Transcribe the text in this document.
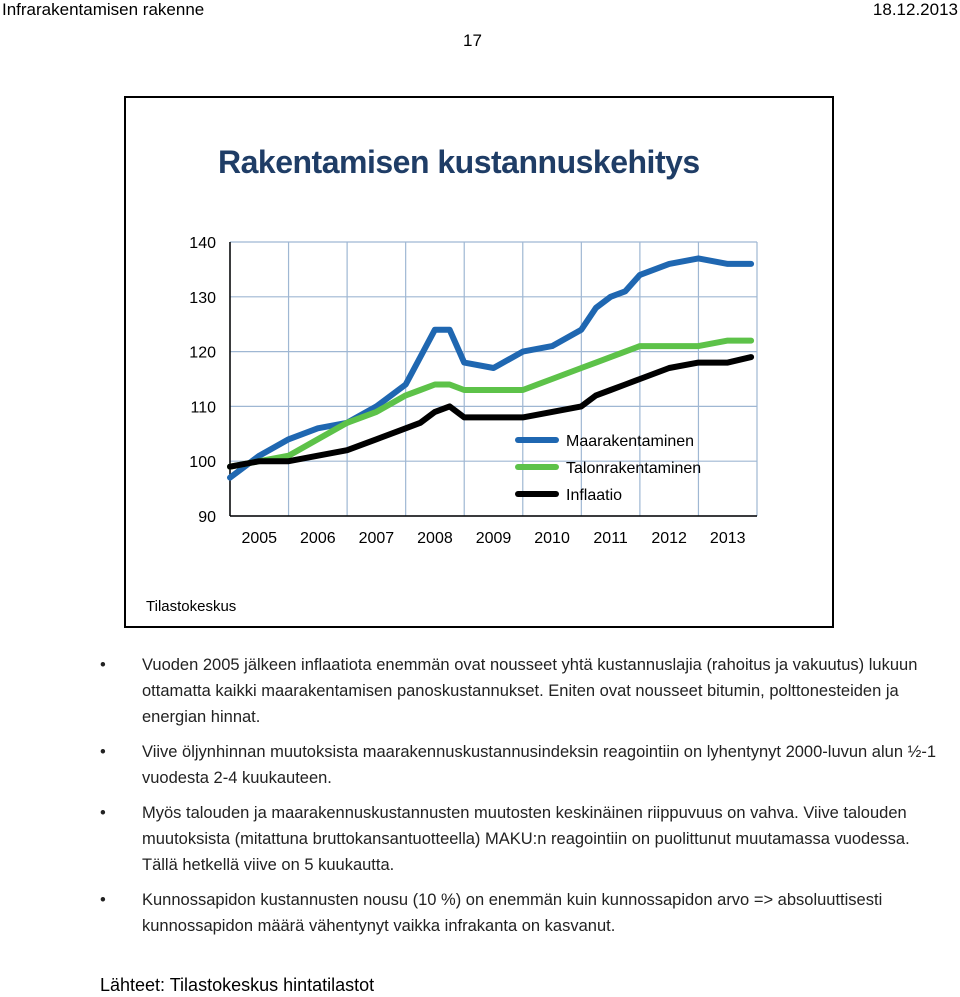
Infrarakentamisen rakenne	18.12.2013
17
Rakentamisen kustannuskehitys
90
100
110
120
130
140
2005 2006 2007 2008 2009 2010 2011 2012 2013
Maarakentaminen
Talonrakentaminen
Inflaatio
Tilastokeskus
• Vuoden 2005 jälkeen inflaatiota enemmän ovat nousseet yhtä kustannuslajia (rahoitus ja vakuutus) lukuun ottamatta kaikki maarakentamisen panoskustannukset. Eniten ovat nousseet bitumin, polttonesteiden ja energian hinnat.
• Viive öljynhinnan muutoksista maarakennuskustannusindeksin reagointiin on lyhentynyt 2000-luvun alun ½-1 vuodesta 2-4 kuukauteen.
• Myös talouden ja maarakennuskustannusten muutosten keskinäinen riippuvuus on vahva. Viive talouden muutoksista (mitattuna bruttokansantuotteella) MAKU:n reagointiin on puolittunut muutamassa vuodessa. Tällä hetkellä viive on 5 kuukautta.
• Kunnossapidon kustannusten nousu (10 %) on enemmän kuin kunnossapidon arvo => absoluuttisesti kunnossapidon määrä vähentynyt vaikka infrakanta on kasvanut.
Lähteet: Tilastokeskus hintatilastot
